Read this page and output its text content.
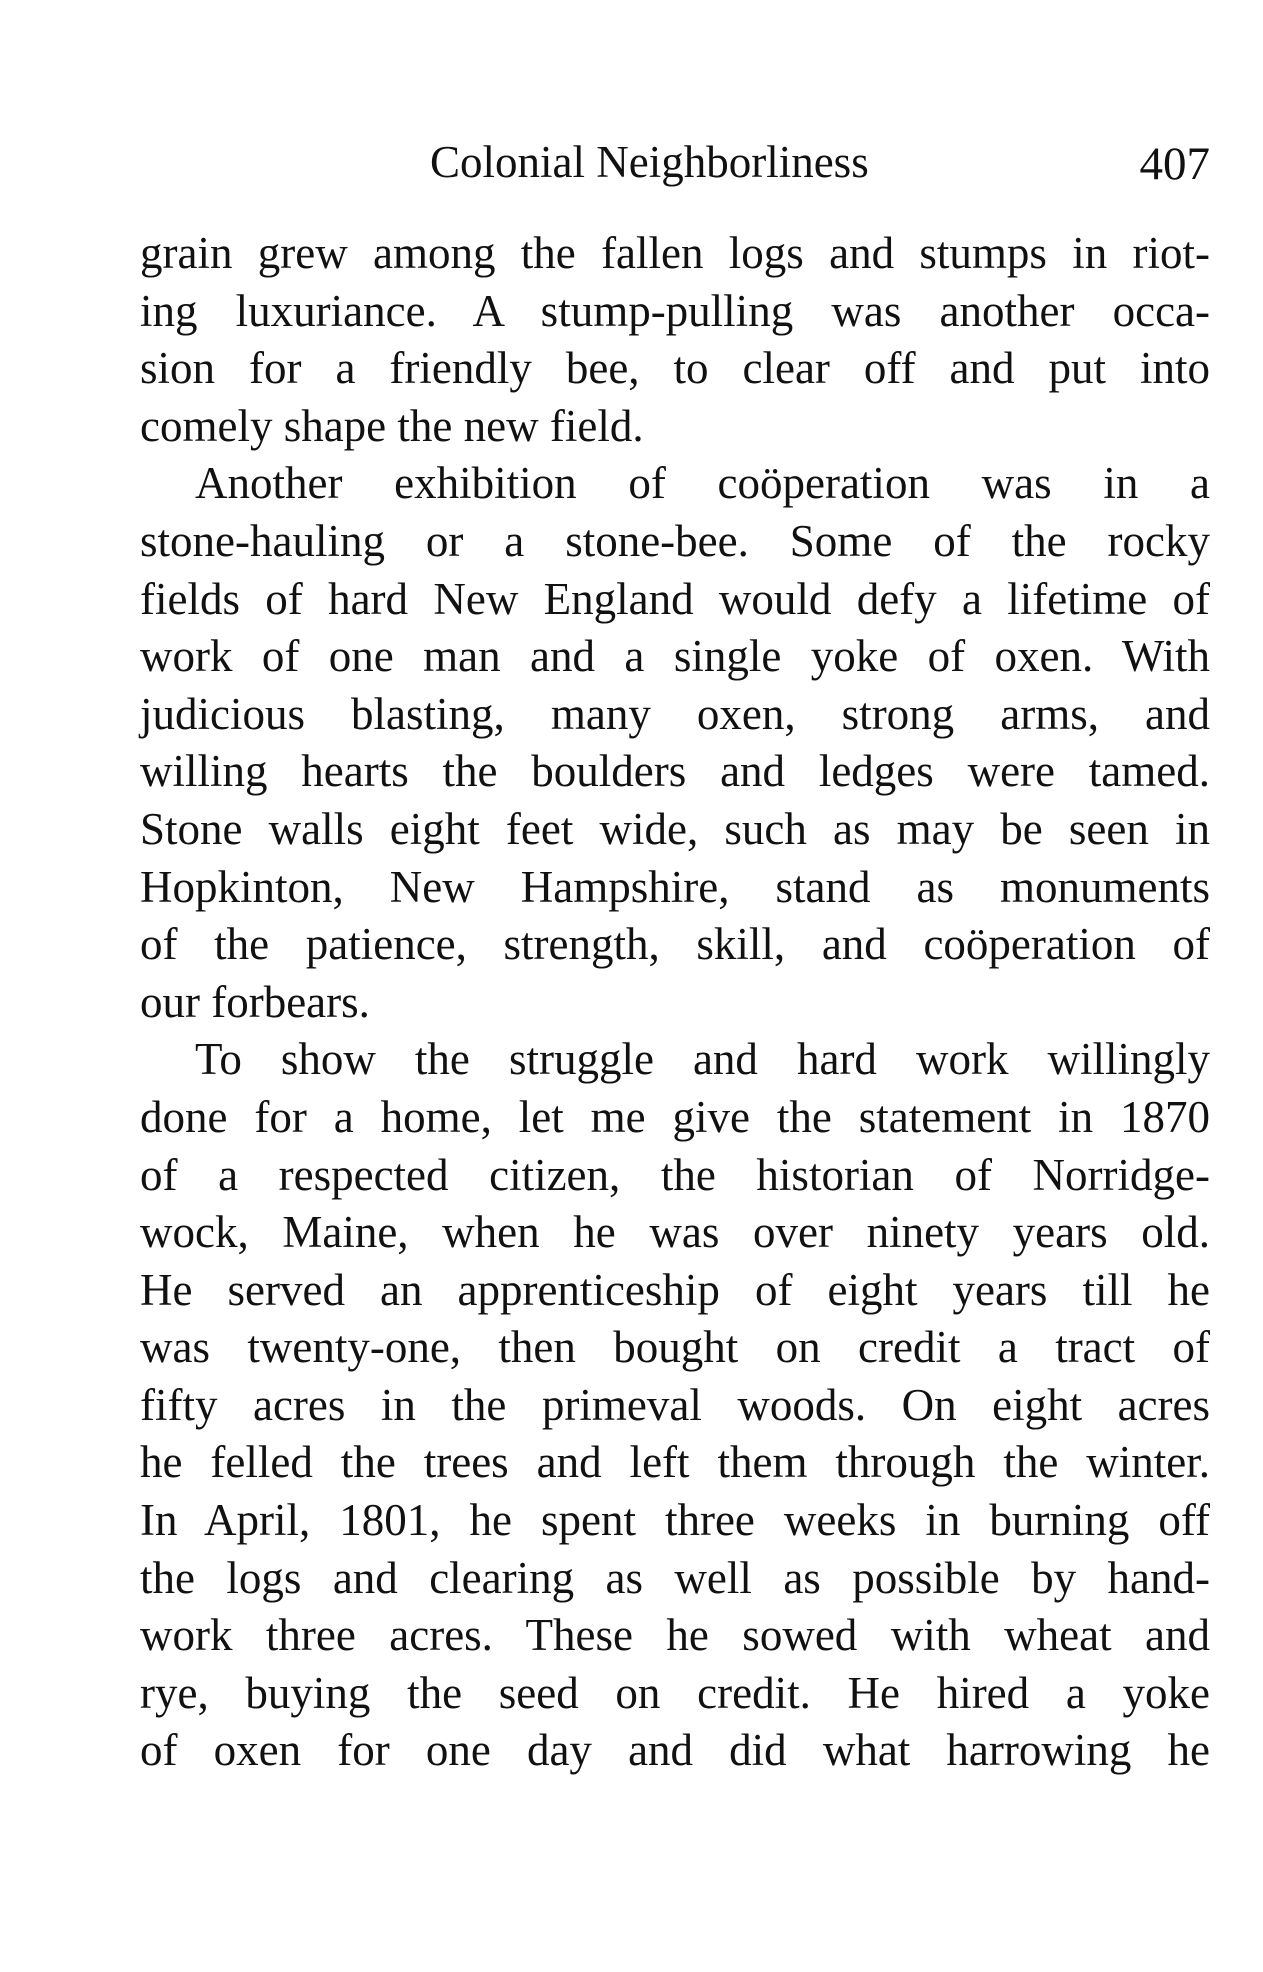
Colonial Neighborliness	407
grain grew among the fallen logs and stumps in riot-
ing luxuriance. A stump-pulling was another occa-
sion for a friendly bee, to clear off and put into
comely shape the new field.
Another exhibition of coöperation was in a
stone-hauling or a stone-bee. Some of the rocky
fields of hard New England would defy a lifetime of
work of one man and a single yoke of oxen. With
judicious blasting, many oxen, strong arms, and
willing hearts the boulders and ledges were tamed.
Stone walls eight feet wide, such as may be seen in
Hopkinton, New Hampshire, stand as monuments
of the patience, strength, skill, and coöperation of
our forbears.
To show the struggle and hard work willingly
done for a home, let me give the statement in 1870
of a respected citizen, the historian of Norridge-
wock, Maine, when he was over ninety years old.
He served an apprenticeship of eight years till he
was twenty-one, then bought on credit a tract of
fifty acres in the primeval woods. On eight acres
he felled the trees and left them through the winter.
In April, 1801, he spent three weeks in burning off
the logs and clearing as well as possible by hand-
work three acres. These he sowed with wheat and
rye, buying the seed on credit. He hired a yoke
of oxen for one day and did what harrowing he
